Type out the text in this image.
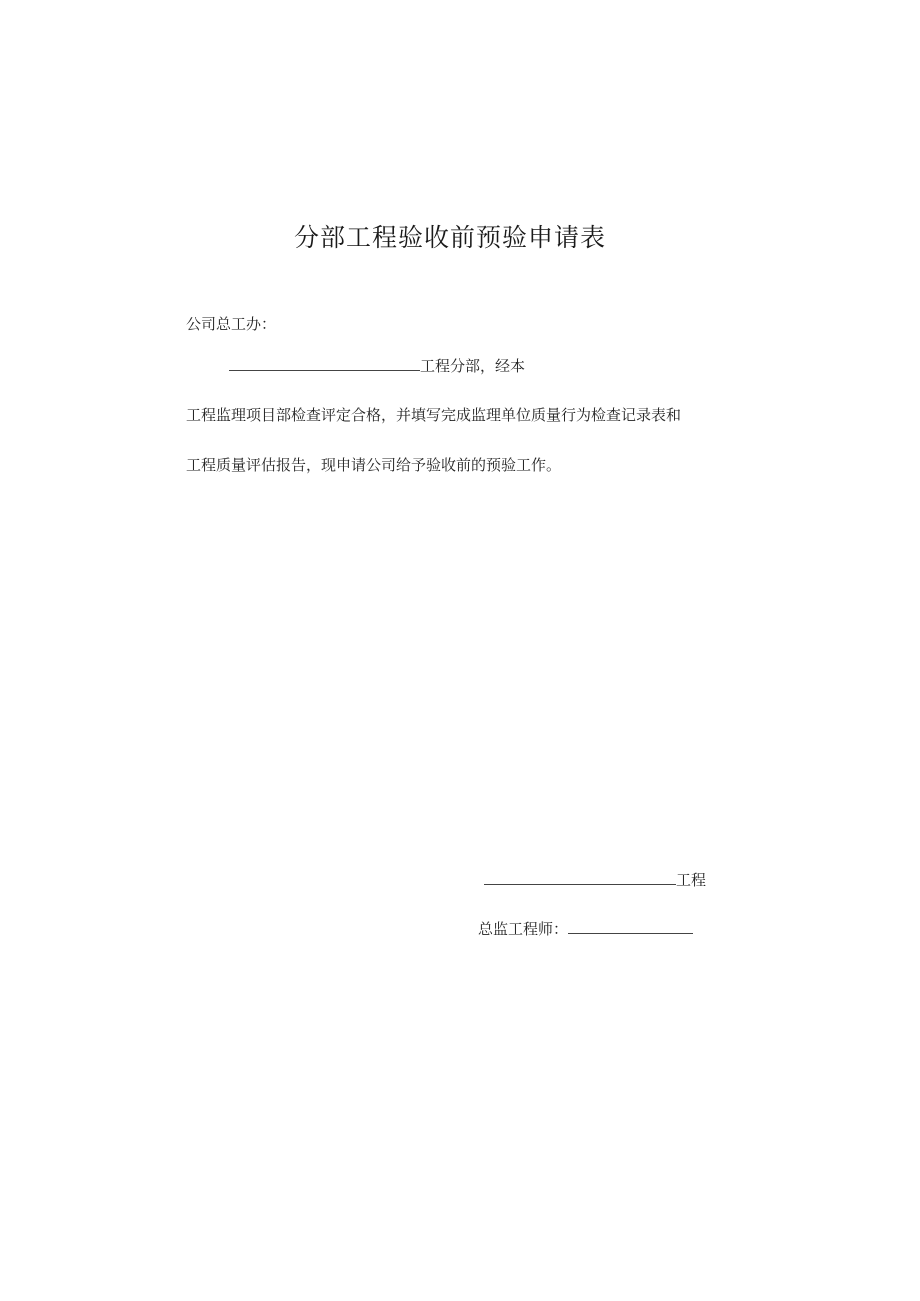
分部工程验收前预验申请表
公司总工办：
工程分部，经本
工程监理项目部检查评定合格，并填写完成监理单位质量行为检查记录表和
工程质量评估报告，现申请公司给予验收前的预验工作。
工程
总监工程师：
